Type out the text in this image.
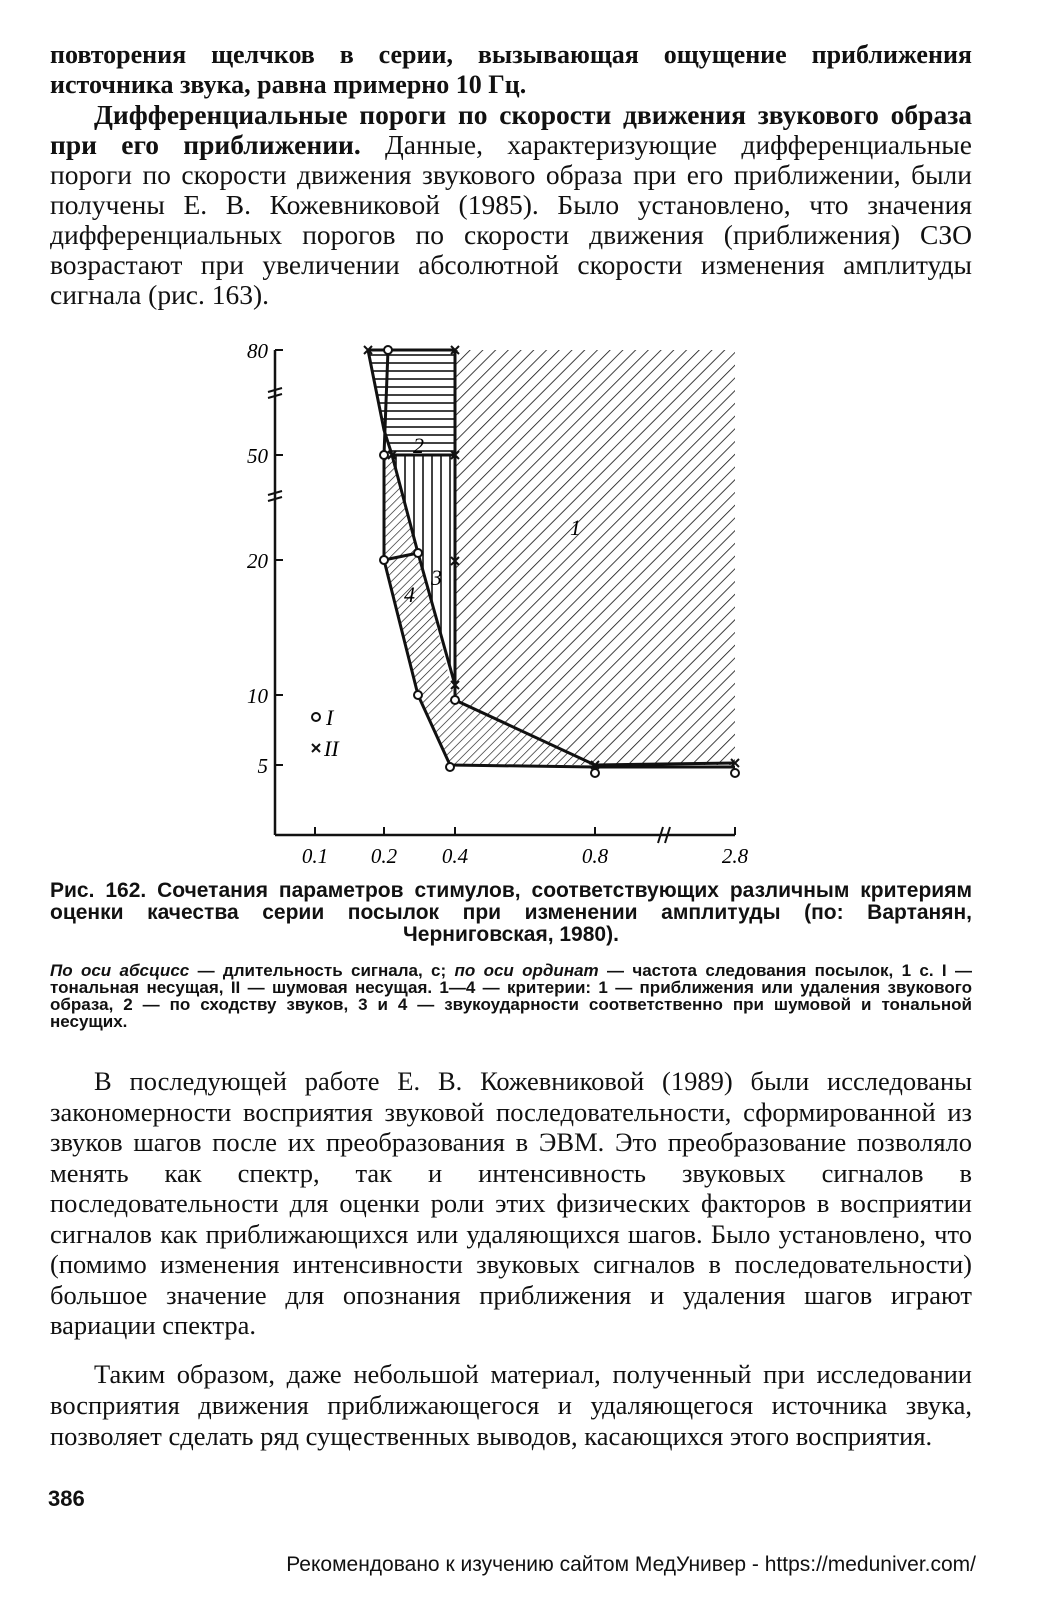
повторения щелчков в серии, вызывающая ощущение приближения источника звука, равна примерно 10 Гц.

Дифференциальные пороги по скорости движения звукового образа при его приближении. Данные, характеризующие дифференциальные пороги по скорости движения звукового образа при его приближении, были получены Е. В. Кожевниковой (1985). Было установлено, что значения дифференциальных порогов по скорости движения (приближения) СЗО возрастают при увеличении абсолютной скорости изменения амплитуды сигнала (рис. 163).

80
50
20
10
5
0.1 0.2 0.4	0.8	2.8
1
2
3
4
I
II
Рис. 162. Сочетания параметров стимулов, соответствующих различным критериям оценки качества серии посылок при изменении амплитуды (по: Вартанян, Черниговская, 1980).
По оси абсцисс — длительность сигнала, с; по оси ординат — частота следования посылок, 1 с. I — тональная несущая, II — шумовая несущая. 1—4 — критерии: 1 — приближения или удаления звукового образа, 2 — по сходству звуков, 3 и 4 — звукоударности соответственно при шумовой и тональной несущих.

В последующей работе Е. В. Кожевниковой (1989) были исследованы закономерности восприятия звуковой последовательности, сформированной из звуков шагов после их преобразования в ЭВМ. Это преобразование позволяло менять как спектр, так и интенсивность звуковых сигналов в последовательности для оценки роли этих физических факторов в восприятии сигналов как приближающихся или удаляющихся шагов. Было установлено, что (помимо изменения интенсивности звуковых сигналов в последовательности) большое значение для опознания приближения и удаления шагов играют вариации спектра.

Таким образом, даже небольшой материал, полученный при исследовании восприятия движения приближающегося и удаляющегося источника звука, позволяет сделать ряд существенных выводов, касающихся этого восприятия.

386
Рекомендовано к изучению сайтом МедУнивер - https://meduniver.com/
